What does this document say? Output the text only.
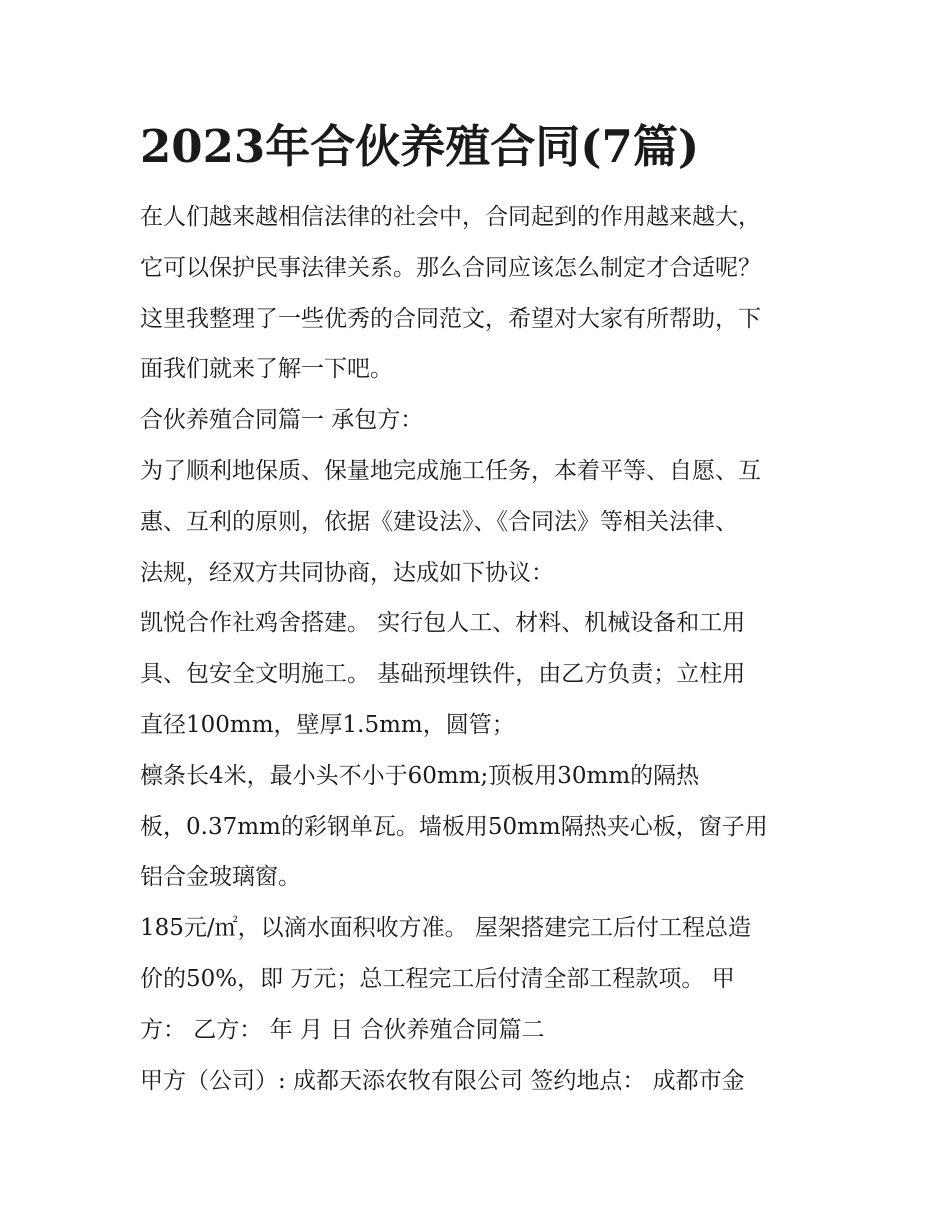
2023年合伙养殖合同(7篇)
在人们越来越相信法律的社会中，合同起到的作用越来越大，
它可以保护民事法律关系。那么合同应该怎么制定才合适呢？
这里我整理了一些优秀的合同范文，希望对大家有所帮助，下
面我们就来了解一下吧。
合伙养殖合同篇一 承包方：
为了顺利地保质、保量地完成施工任务，本着平等、自愿、互
惠、互利的原则，依据《建设法》、《合同法》等相关法律、
法规，经双方共同协商，达成如下协议：
凯悦合作社鸡舍搭建。 实行包人工、材料、机械设备和工用
具、包安全文明施工。 基础预埋铁件，由乙方负责；立柱用
直径100mm，壁厚1.5mm，圆管；
檩条长4米，最小头不小于60mm;顶板用30mm的隔热
板，0.37mm的彩钢单瓦。墙板用50mm隔热夹心板，窗子用
铝合金玻璃窗。
185元/㎡，以滴水面积收方准。 屋架搭建完工后付工程总造
价的50%，即 万元；总工程完工后付清全部工程款项。 甲
方： 乙方： 年 月 日 合伙养殖合同篇二
甲方（公司）: 成都天添农牧有限公司 签约地点： 成都市金
